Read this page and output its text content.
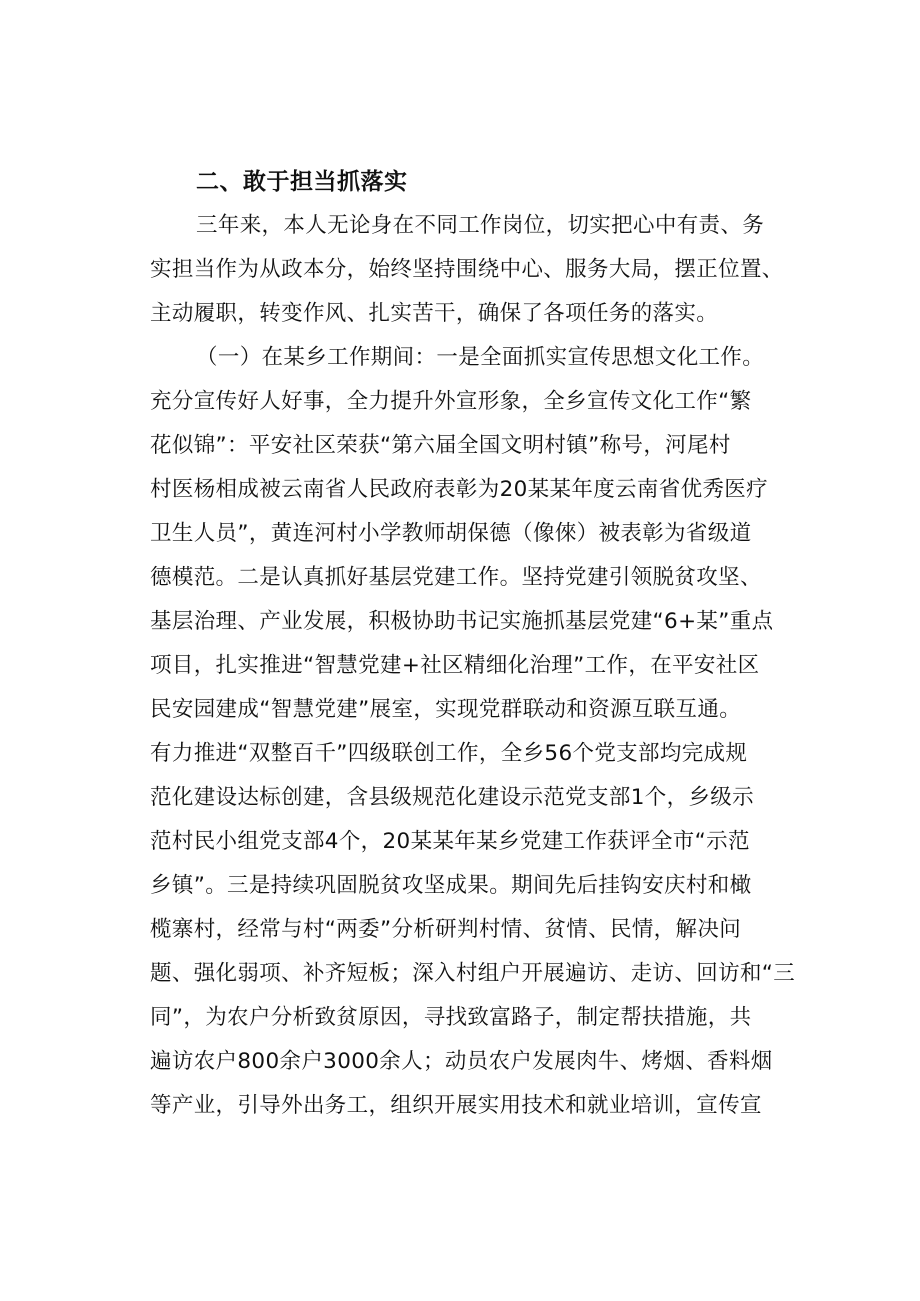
二、敢于担当抓落实
三年来，本人无论身在不同工作岗位，切实把心中有责、务
实担当作为从政本分，始终坚持围绕中心、服务大局，摆正位置、
主动履职，转变作风、扎实苦干，确保了各项任务的落实。
（一）在某乡工作期间：一是全面抓实宣传思想文化工作。
充分宣传好人好事，全力提升外宣形象，全乡宣传文化工作“繁
花似锦”：平安社区荣获“第六届全国文明村镇”称号，河尾村
村医杨相成被云南省人民政府表彰为20某某年度云南省优秀医疗
卫生人员”，黄连河村小学教师胡保德（像倈）被表彰为省级道
德模范。二是认真抓好基层党建工作。坚持党建引领脱贫攻坚、
基层治理、产业发展，积极协助书记实施抓基层党建“6+某”重点
项目，扎实推进“智慧党建+社区精细化治理”工作，在平安社区
民安园建成“智慧党建”展室，实现党群联动和资源互联互通。
有力推进“双整百千”四级联创工作，全乡56个党支部均完成规
范化建设达标创建，含县级规范化建设示范党支部1个，乡级示
范村民小组党支部4个，20某某年某乡党建工作获评全市“示范
乡镇”。三是持续巩固脱贫攻坚成果。期间先后挂钩安庆村和橄
榄寨村，经常与村“两委”分析研判村情、贫情、民情，解决问
题、强化弱项、补齐短板；深入村组户开展遍访、走访、回访和“三
同”，为农户分析致贫原因，寻找致富路子，制定帮扶措施，共
遍访农户800余户3000余人；动员农户发展肉牛、烤烟、香料烟
等产业，引导外出务工，组织开展实用技术和就业培训，宣传宣
